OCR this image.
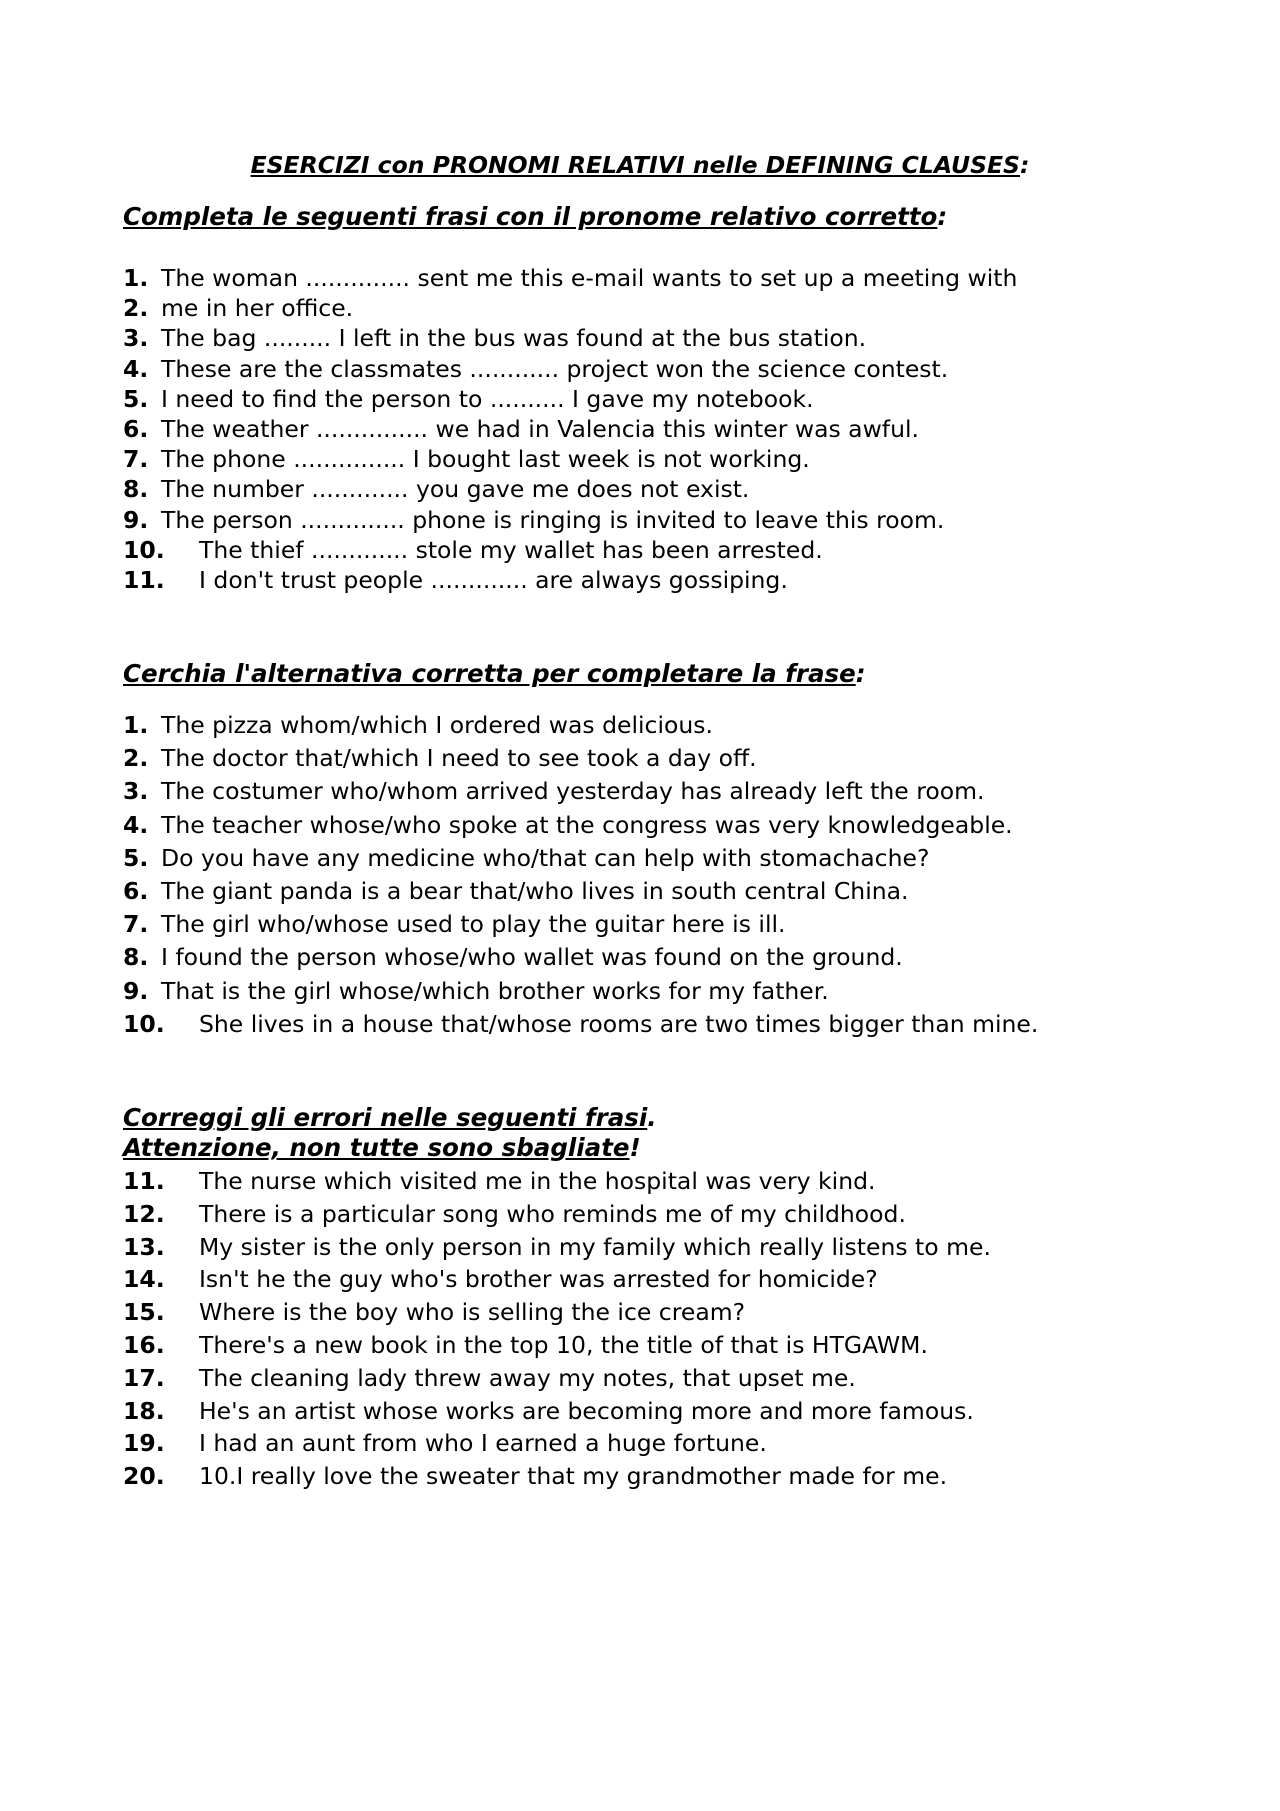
ESERCIZI con PRONOMI RELATIVI nelle DEFINING CLAUSES:
Completa le seguenti frasi con il pronome relativo corretto:
1. The woman .............. sent me this e-mail wants to set up a meeting with
2. me in her office.
3. The bag ......... I left in the bus was found at the bus station.
4. These are the classmates ............ project won the science contest.
5. I need to find the person to .......... I gave my notebook.
6. The weather ............... we had in Valencia this winter was awful.
7. The phone ............... I bought last week is not working.
8. The number ............. you gave me does not exist.
9. The person .............. phone is ringing is invited to leave this room.
10.	The thief ............. stole my wallet has been arrested.
11.	I don't trust people ............. are always gossiping.
Cerchia l'alternativa corretta per completare la frase:
1. The pizza whom/which I ordered was delicious.
2. The doctor that/which I need to see took a day off.
3. The costumer who/whom arrived yesterday has already left the room.
4. The teacher whose/who spoke at the congress was very knowledgeable.
5. Do you have any medicine who/that can help with stomachache?
6. The giant panda is a bear that/who lives in south central China.
7. The girl who/whose used to play the guitar here is ill.
8. I found the person whose/who wallet was found on the ground.
9. That is the girl whose/which brother works for my father.
10.	She lives in a house that/whose rooms are two times bigger than mine.
Correggi gli errori nelle seguenti frasi.
Attenzione, non tutte sono sbagliate!
11.	The nurse which visited me in the hospital was very kind.
12.	There is a particular song who reminds me of my childhood.
13.	My sister is the only person in my family which really listens to me.
14.	Isn't he the guy who's brother was arrested for homicide?
15.	Where is the boy who is selling the ice cream?
16.	There's a new book in the top 10, the title of that is HTGAWM.
17.	The cleaning lady threw away my notes, that upset me.
18.	He's an artist whose works are becoming more and more famous.
19.	I had an aunt from who I earned a huge fortune.
20.	10.I really love the sweater that my grandmother made for me.
